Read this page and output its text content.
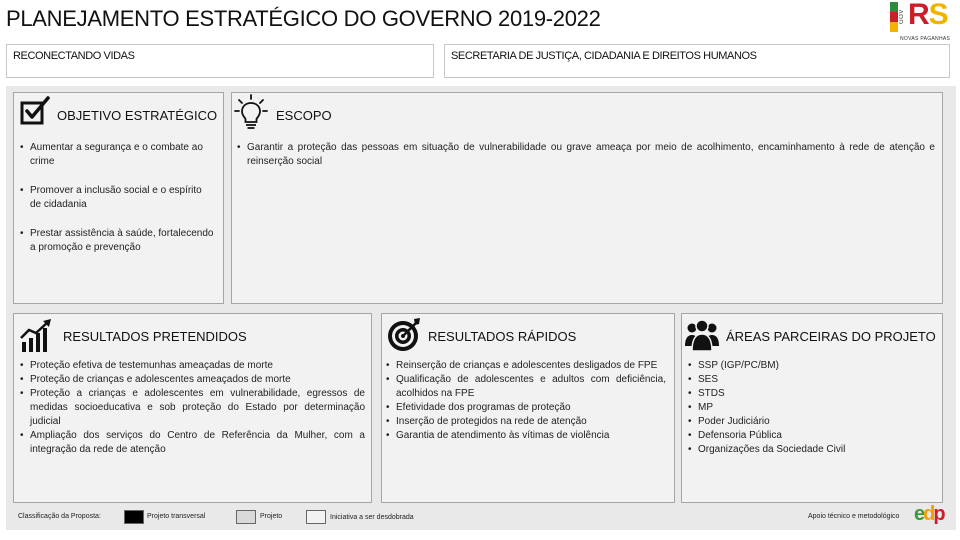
PLANEJAMENTO ESTRATÉGICO DO GOVERNO 2019-2022	GOV RS
NOVAS PAGANHAS
RECONECTANDO VIDAS	SECRETARIA DE JUSTIÇA, CIDADANIA E DIREITOS HUMANOS
OBJETIVO ESTRATÉGICO
• Aumentar a segurança e o combate ao crime
• Promover a inclusão social e o espírito de cidadania
• Prestar assistência à saúde, fortalecendo a promoção e prevenção
ESCOPO
• Garantir a proteção das pessoas em situação de vulnerabilidade ou grave ameaça por meio de acolhimento, encaminhamento à rede de atenção e reinserção social
RESULTADOS PRETENDIDOS
• Proteção efetiva de testemunhas ameaçadas de morte
• Proteção de crianças e adolescentes ameaçados de morte
• Proteção a crianças e adolescentes em vulnerabilidade, egressos de medidas socioeducativa e sob proteção do Estado por determinação judicial
• Ampliação dos serviços do Centro de Referência da Mulher, com a integração da rede de atenção
RESULTADOS RÁPIDOS
• Reinserção de crianças e adolescentes desligados de FPE
• Qualificação de adolescentes e adultos com deficiência, acolhidos na FPE
• Efetividade dos programas de proteção
• Inserção de protegidos na rede de atenção
• Garantia de atendimento às vítimas de violência
ÁREAS PARCEIRAS DO PROJETO
• SSP (IGP/PC/BM)
• SES
• STDS
• MP
• Poder Judiciário
• Defensoria Pública
• Organizações da Sociedade Civil
Classificação da Proposta:	Projeto transversal	Projeto	Iniciativa a ser desdobrada	Apoio técnico e metodológico edp
